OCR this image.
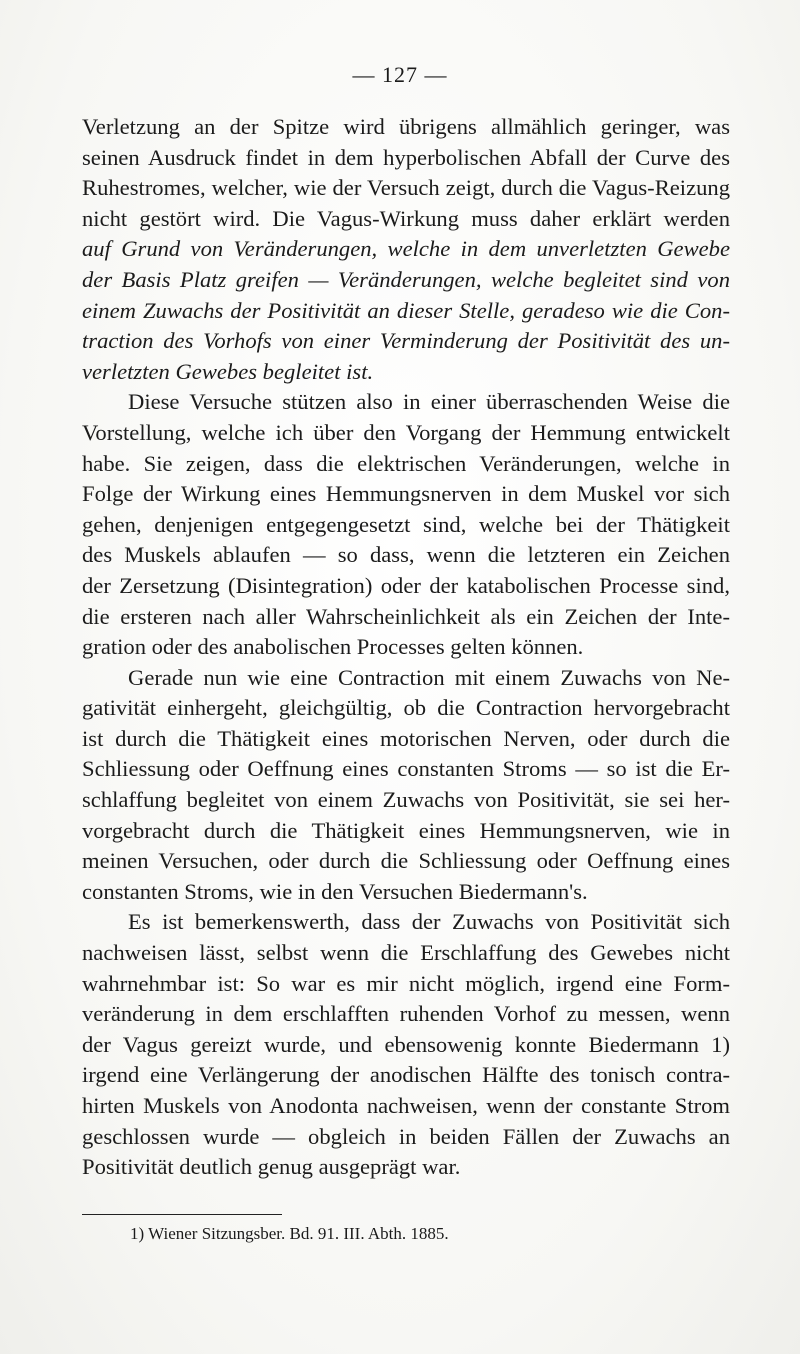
— 127 —

Verletzung an der Spitze wird übrigens allmählich geringer, was
seinen Ausdruck findet in dem hyperbolischen Abfall der Curve des
Ruhestromes, welcher, wie der Versuch zeigt, durch die Vagus-Reizung
nicht gestört wird. Die Vagus-Wirkung muss daher erklärt werden
auf Grund von Veränderungen, welche in dem unverletzten Gewebe
der Basis Platz greifen — Veränderungen, welche begleitet sind von
einem Zuwachs der Positivität an dieser Stelle, geradeso wie die Con-
traction des Vorhofs von einer Verminderung der Positivität des un-
verletzten Gewebes begleitet ist.

Diese Versuche stützen also in einer überraschenden Weise die
Vorstellung, welche ich über den Vorgang der Hemmung entwickelt
habe. Sie zeigen, dass die elektrischen Veränderungen, welche in
Folge der Wirkung eines Hemmungsnerven in dem Muskel vor sich
gehen, denjenigen entgegengesetzt sind, welche bei der Thätigkeit
des Muskels ablaufen — so dass, wenn die letzteren ein Zeichen
der Zersetzung (Disintegration) oder der katabolischen Processe sind,
die ersteren nach aller Wahrscheinlichkeit als ein Zeichen der Inte-
gration oder des anabolischen Processes gelten können.

Gerade nun wie eine Contraction mit einem Zuwachs von Ne-
gativität einhergeht, gleichgültig, ob die Contraction hervorgebracht
ist durch die Thätigkeit eines motorischen Nerven, oder durch die
Schliessung oder Oeffnung eines constanten Stroms — so ist die Er-
schlaffung begleitet von einem Zuwachs von Positivität, sie sei her-
vorgebracht durch die Thätigkeit eines Hemmungsnerven, wie in
meinen Versuchen, oder durch die Schliessung oder Oeffnung eines
constanten Stroms, wie in den Versuchen Biedermann's.

Es ist bemerkenswerth, dass der Zuwachs von Positivität sich
nachweisen lässt, selbst wenn die Erschlaffung des Gewebes nicht
wahrnehmbar ist: So war es mir nicht möglich, irgend eine Form-
veränderung in dem erschlafften ruhenden Vorhof zu messen, wenn
der Vagus gereizt wurde, und ebensowenig konnte Biedermann 1)
irgend eine Verlängerung der anodischen Hälfte des tonisch contra-
hirten Muskels von Anodonta nachweisen, wenn der constante Strom
geschlossen wurde — obgleich in beiden Fällen der Zuwachs an
Positivität deutlich genug ausgeprägt war.

1) Wiener Sitzungsber. Bd. 91. III. Abth. 1885.
